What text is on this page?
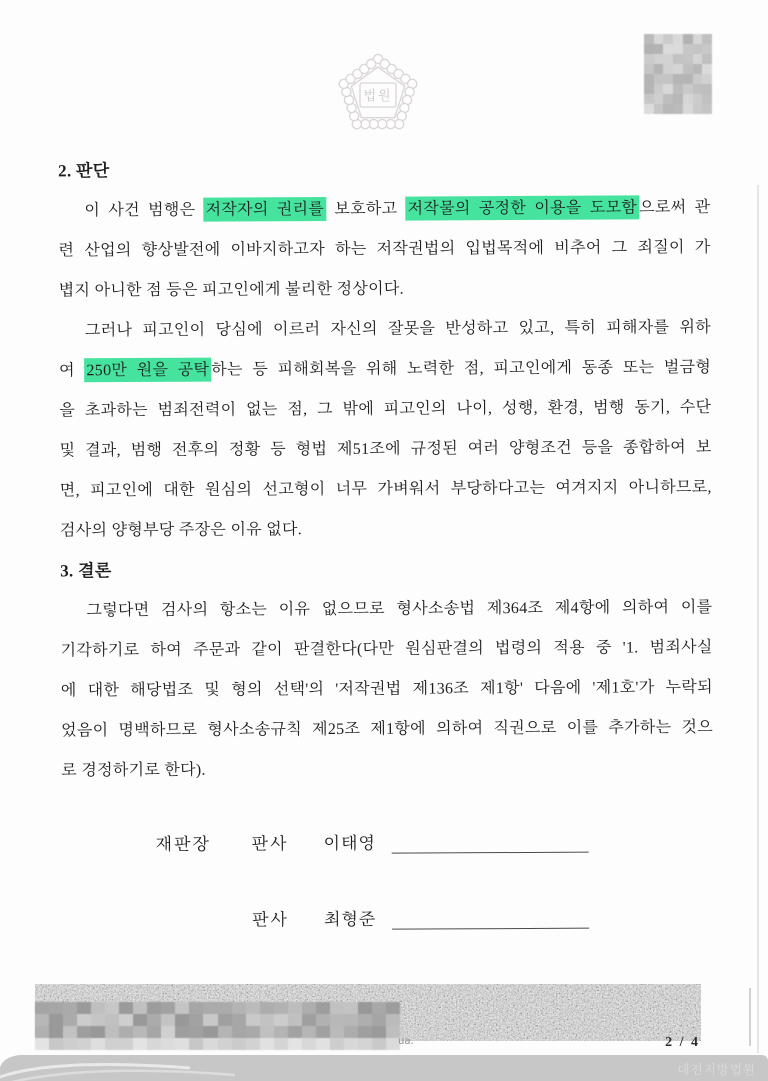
법원
2. 판단
이 사건 범행은 저작자의 권리를 보호하고 저작물의 공정한 이용을 도모함 으로써 관
련 산업의 향상발전에 이바지하고자 하는 저작권법의 입법목적에 비추어 그 죄질이 가
볍지 아니한 점 등은 피고인에게 불리한 정상이다.
그러나 피고인이 당심에 이르러 자신의 잘못을 반성하고 있고, 특히 피해자를 위하
여 250만 원을 공탁 하는 등 피해회복을 위해 노력한 점, 피고인에게 동종 또는 벌금형
을 초과하는 범죄전력이 없는 점, 그 밖에 피고인의 나이, 성행, 환경, 범행 동기, 수단
및 결과, 범행 전후의 정황 등 형법 제51조에 규정된 여러 양형조건 등을 종합하여 보
면, 피고인에 대한 원심의 선고형이 너무 가벼워서 부당하다고는 여겨지지 아니하므로,
검사의 양형부당 주장은 이유 없다.
3. 결론
그렇다면 검사의 항소는 이유 없으므로 형사소송법 제364조 제4항에 의하여 이를
기각하기로 하여 주문과 같이 판결한다(다만 원심판결의 법령의 적용 중 '1. 범죄사실
에 대한 해당법조 및 형의 선택'의 '저작권법 제136조 제1항' 다음에 '제1호'가 누락되
었음이 명백하므로 형사소송규칙 제25조 제1항에 의하여 직권으로 이를 추가하는 것으
로 경정하기로 한다).
재판장	판사	이태영
판사	최형준
ua.	2 / 4
대전지방법원
